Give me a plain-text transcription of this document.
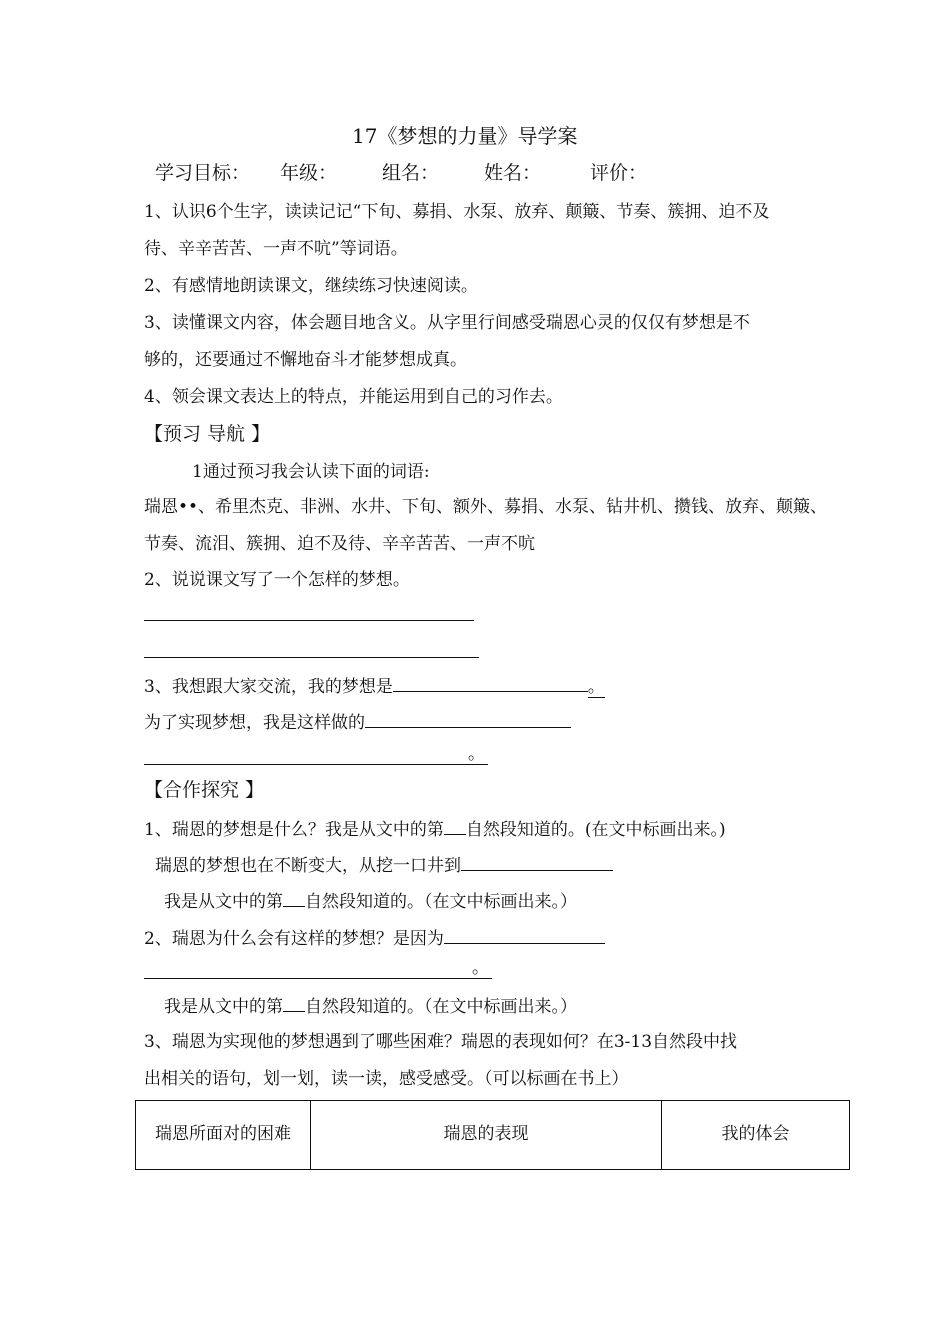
17《梦想的力量》导学案
学习目标： 年级： 组名： 姓名：	评价：
1、认识6个生字，读读记记“下旬、募捐、水泵、放弃、颠簸、节奏、簇拥、迫不及
待、辛辛苦苦、一声不吭”等词语。
2、有感情地朗读课文，继续练习快速阅读。
3、读懂课文内容，体会题目地含义。从字里行间感受瑞恩心灵的仅仅有梦想是不
够的，还要通过不懈地奋斗才能梦想成真。
4、领会课文表达上的特点，并能运用到自己的习作去。
【预习 导航 】
1通过预习我会认读下面的词语:
瑞恩••、希里杰克、非洲、水井、下旬、额外、募捐、水泵、钻井机、攒钱、放弃、颠簸、
节奏、流泪、簇拥、迫不及待、辛辛苦苦、一声不吭
2、说说课文写了一个怎样的梦想。
3、我想跟大家交流，我的梦想是	。
为了实现梦想，我是这样做的
。
【合作探究 】
1、瑞恩的梦想是什么？我是从文中的第 自然段知道的。(在文中标画出来。)
瑞恩的梦想也在不断变大，从挖一口井到
我是从文中的第 自然段知道的。（在文中标画出来。）
2、瑞恩为什么会有这样的梦想？是因为
。
我是从文中的第 自然段知道的。（在文中标画出来。）
3、瑞恩为实现他的梦想遇到了哪些困难？瑞恩的表现如何？在3-13自然段中找
出相关的语句，划一划，读一读，感受感受。（可以标画在书上）
瑞恩所面对的困难	瑞恩的表现	我的体会
